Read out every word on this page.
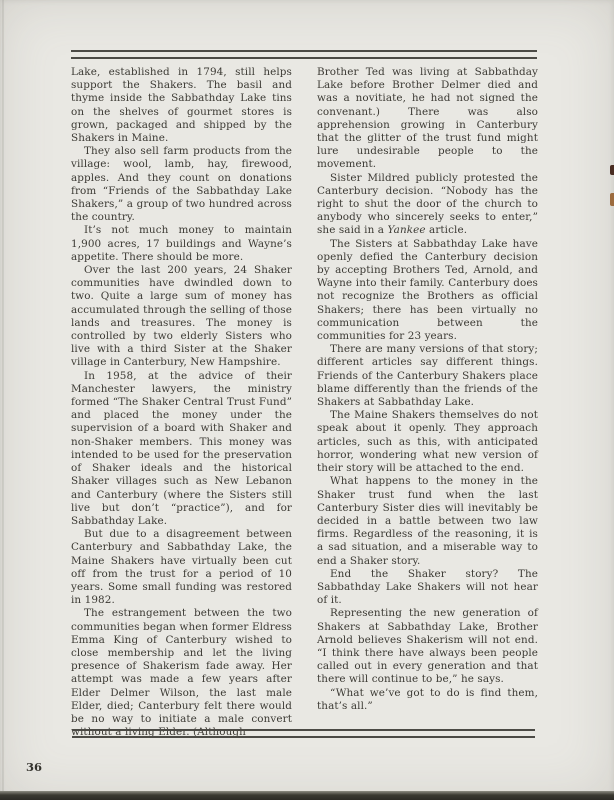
Lake, established in 1794, still helps support the Shakers. The basil and thyme inside the Sabbathday Lake tins on the shelves of gourmet stores is grown, packaged and shipped by the Shakers in Maine.

They also sell farm products from the village: wool, lamb, hay, firewood, apples. And they count on donations from “Friends of the Sabbathday Lake Shakers,” a group of two hundred across the country.

It’s not much money to maintain 1,900 acres, 17 buildings and Wayne’s appetite. There should be more.

Over the last 200 years, 24 Shaker communities have dwindled down to two. Quite a large sum of money has accumulated through the selling of those lands and treasures. The money is controlled by two elderly Sisters who live with a third Sister at the Shaker village in Canterbury, New Hampshire.

In 1958, at the advice of their Manchester lawyers, the ministry formed “The Shaker Central Trust Fund” and placed the money under the supervision of a board with Shaker and non-Shaker members. This money was intended to be used for the preservation of Shaker ideals and the historical Shaker villages such as New Lebanon and Canterbury (where the Sisters still live but don’t “practice”), and for Sabbathday Lake.

But due to a disagreement between Canterbury and Sabbathday Lake, the Maine Shakers have virtually been cut off from the trust for a period of 10 years. Some small funding was restored in 1982.

The estrangement between the two communities began when former Eldress Emma King of Canterbury wished to close membership and let the living presence of Shakerism fade away. Her attempt was made a few years after Elder Delmer Wilson, the last male Elder, died; Canterbury felt there would be no way to initiate a male convert without a living Elder. (Although

Brother Ted was living at Sabbathday Lake before Brother Delmer died and was a novitiate, he had not signed the convenant.) There was also apprehension growing in Canterbury that the glitter of the trust fund might lure undesirable people to the movement.

Sister Mildred publicly protested the Canterbury decision. “Nobody has the right to shut the door of the church to anybody who sincerely seeks to enter,” she said in a Yankee article.

The Sisters at Sabbathday Lake have openly defied the Canterbury decision by accepting Brothers Ted, Arnold, and Wayne into their family. Canterbury does not recognize the Brothers as official Shakers; there has been virtually no communication between the communities for 23 years.

There are many versions of that story; different articles say different things. Friends of the Canterbury Shakers place blame differently than the friends of the Shakers at Sabbathday Lake.

The Maine Shakers themselves do not speak about it openly. They approach articles, such as this, with anticipated horror, wondering what new version of their story will be attached to the end.

What happens to the money in the Shaker trust fund when the last Canterbury Sister dies will inevitably be decided in a battle between two law firms. Regardless of the reasoning, it is a sad situation, and a miserable way to end a Shaker story.

End the Shaker story? The Sabbathday Lake Shakers will not hear of it.

Representing the new generation of Shakers at Sabbathday Lake, Brother Arnold believes Shakerism will not end. “I think there have always been people called out in every generation and that there will continue to be,” he says.

“What we’ve got to do is find them, that’s all.”

36
